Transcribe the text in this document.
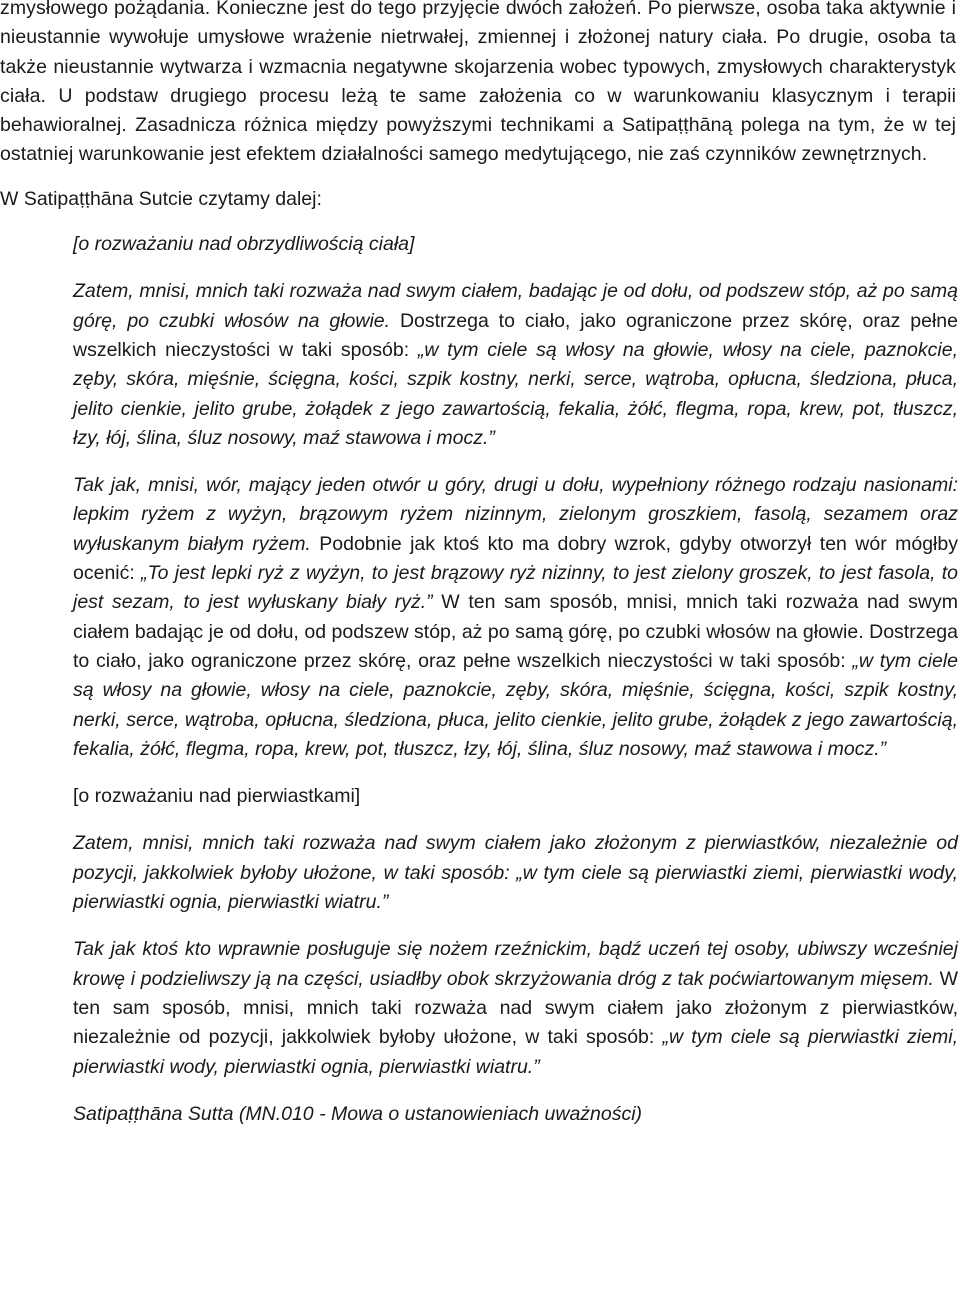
zmysłowego pożądania. Konieczne jest do tego przyjęcie dwóch założeń. Po pierwsze, osoba taka aktywnie i nieustannie wywołuje umysłowe wrażenie nietrwałej, zmiennej i złożonej natury ciała. Po drugie, osoba ta także nieustannie wytwarza i wzmacnia negatywne skojarzenia wobec typowych, zmysłowych charakterystyk ciała. U podstaw drugiego procesu leżą te same założenia co w warunkowaniu klasycznym i terapii behawioralnej. Zasadnicza różnica między powyższymi technikami a Satipaṭṭhāną polega na tym, że w tej ostatniej warunkowanie jest efektem działalności samego medytującego, nie zaś czynników zewnętrznych.

W Satipaṭṭhāna Sutcie czytamy dalej:

[o rozważaniu nad obrzydliwością ciała]

Zatem, mnisi, mnich taki rozważa nad swym ciałem, badając je od dołu, od podszew stóp, aż po samą górę, po czubki włosów na głowie. Dostrzega to ciało, jako ograniczone przez skórę, oraz pełne wszelkich nieczystości w taki sposób: „w tym ciele są włosy na głowie, włosy na ciele, paznokcie, zęby, skóra, mięśnie, ścięgna, kości, szpik kostny, nerki, serce, wątroba, opłucna, śledziona, płuca, jelito cienkie, jelito grube, żołądek z jego zawartością, fekalia, żółć, flegma, ropa, krew, pot, tłuszcz, łzy, łój, ślina, śluz nosowy, maź stawowa i mocz.”

Tak jak, mnisi, wór, mający jeden otwór u góry, drugi u dołu, wypełniony różnego rodzaju nasionami: lepkim ryżem z wyżyn, brązowym ryżem nizinnym, zielonym groszkiem, fasolą, sezamem oraz wyłuskanym białym ryżem. Podobnie jak ktoś kto ma dobry wzrok, gdyby otworzył ten wór mógłby ocenić: „To jest lepki ryż z wyżyn, to jest brązowy ryż nizinny, to jest zielony groszek, to jest fasola, to jest sezam, to jest wyłuskany biały ryż.” W ten sam sposób, mnisi, mnich taki rozważa nad swym ciałem badając je od dołu, od podszew stóp, aż po samą górę, po czubki włosów na głowie. Dostrzega to ciało, jako ograniczone przez skórę, oraz pełne wszelkich nieczystości w taki sposób: „w tym ciele są włosy na głowie, włosy na ciele, paznokcie, zęby, skóra, mięśnie, ścięgna, kości, szpik kostny, nerki, serce, wątroba, opłucna, śledziona, płuca, jelito cienkie, jelito grube, żołądek z jego zawartością, fekalia, żółć, flegma, ropa, krew, pot, tłuszcz, łzy, łój, ślina, śluz nosowy, maź stawowa i mocz.”

[o rozważaniu nad pierwiastkami]

Zatem, mnisi, mnich taki rozważa nad swym ciałem jako złożonym z pierwiastków, niezależnie od pozycji, jakkolwiek byłoby ułożone, w taki sposób: „w tym ciele są pierwiastki ziemi, pierwiastki wody, pierwiastki ognia, pierwiastki wiatru.”

Tak jak ktoś kto wprawnie posługuje się nożem rzeźnickim, bądź uczeń tej osoby, ubiwszy wcześniej krowę i podzieliwszy ją na części, usiadłby obok skrzyżowania dróg z tak poćwiartowanym mięsem. W ten sam sposób, mnisi, mnich taki rozważa nad swym ciałem jako złożonym z pierwiastków, niezależnie od pozycji, jakkolwiek byłoby ułożone, w taki sposób: „w tym ciele są pierwiastki ziemi, pierwiastki wody, pierwiastki ognia, pierwiastki wiatru.”

Satipaṭṭhāna Sutta (MN.010 - Mowa o ustanowieniach uważności)
